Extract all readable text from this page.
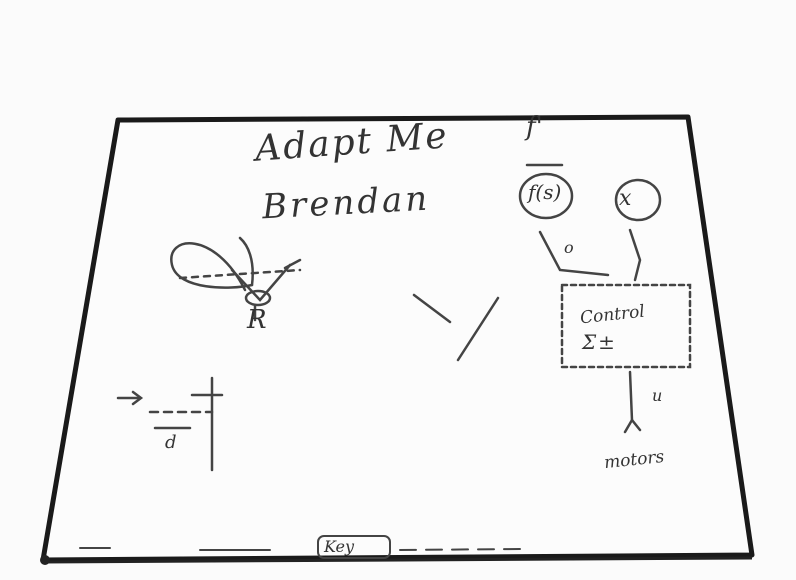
Adapt Me
Brendan
f'
f(s)	x
o
Control
Σ±
u
motors
R
d
Key
